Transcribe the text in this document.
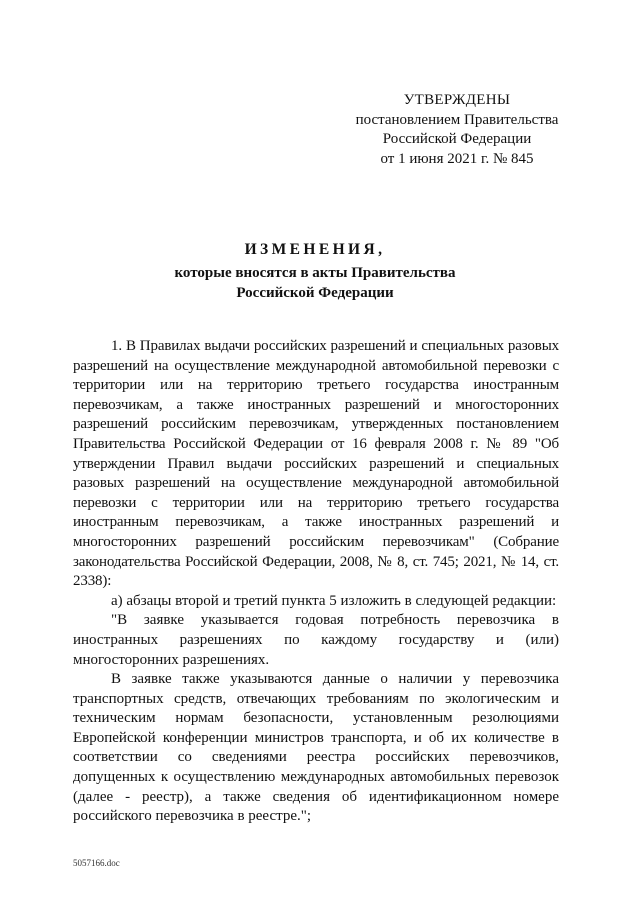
УТВЕРЖДЕНЫ
постановлением Правительства
Российской Федерации
от 1 июня 2021 г. № 845
ИЗМЕНЕНИЯ,
которые вносятся в акты Правительства
Российской Федерации

1. В Правилах выдачи российских разрешений и специальных разовых разрешений на осуществление международной автомобильной перевозки с территории или на территорию третьего государства иностранным перевозчикам, а также иностранных разрешений и многосторонних разрешений российским перевозчикам, утвержденных постановлением Правительства Российской Федерации от 16 февраля 2008 г. № 89 "Об утверждении Правил выдачи российских разрешений и специальных разовых разрешений на осуществление международной автомобильной перевозки с территории или на территорию третьего государства иностранным перевозчикам, а также иностранных разрешений и многосторонних разрешений российским перевозчикам" (Собрание законодательства Российской Федерации, 2008, № 8, ст. 745; 2021, № 14, ст. 2338):

а) абзацы второй и третий пункта 5 изложить в следующей редакции:

"В заявке указывается годовая потребность перевозчика в иностранных разрешениях по каждому государству и (или) многосторонних разрешениях.

В заявке также указываются данные о наличии у перевозчика транспортных средств, отвечающих требованиям по экологическим и техническим нормам безопасности, установленным резолюциями Европейской конференции министров транспорта, и об их количестве в соответствии со сведениями реестра российских перевозчиков, допущенных к осуществлению международных автомобильных перевозок (далее - реестр), а также сведения об идентификационном номере российского перевозчика в реестре.";

5057166.doc
